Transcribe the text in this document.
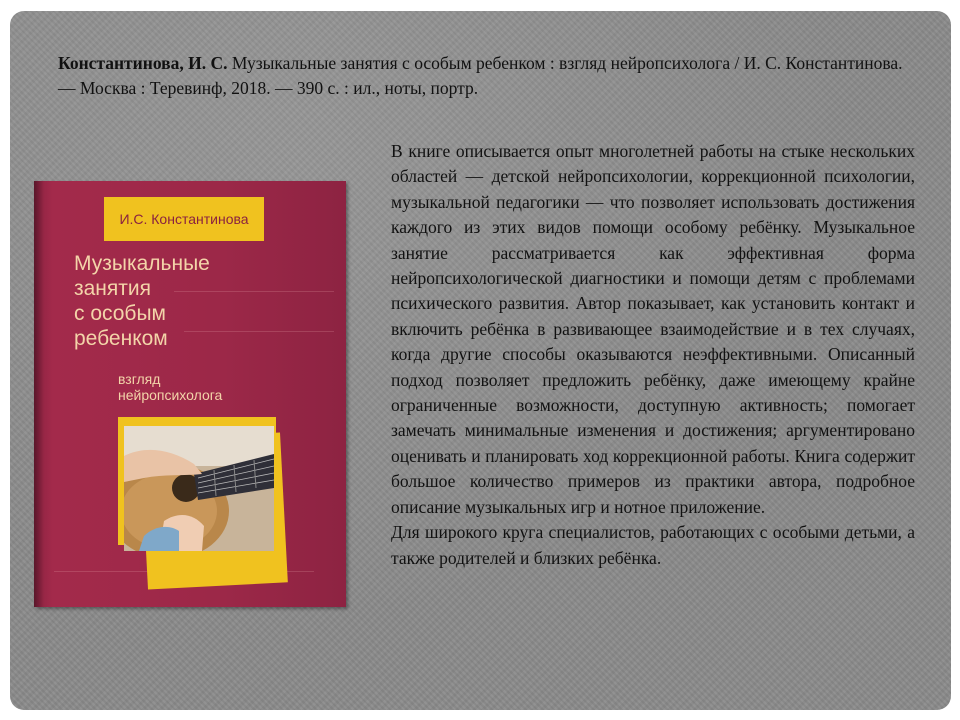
Константинова, И. С. Музыкальные занятия с особым ребенком : взгляд нейропсихолога / И. С. Константинова. — Москва : Теревинф, 2018. — 390 с. : ил., ноты, портр.
И.С. Константинова
Музыкальные
занятия
с особым
ребенком
взгляд
нейропсихолога

В книге описывается опыт многолетней работы на стыке нескольких областей — детской нейропсихологии, коррекционной психологии, музыкальной педагогики — что позволяет использовать достижения каждого из этих видов помощи особому ребёнку. Музыкальное занятие рассматривается как эффективная форма нейропсихологической диагностики и помощи детям с проблемами психического развития. Автор показывает, как установить контакт и включить ребёнка в развивающее взаимодействие и в тех случаях, когда другие способы оказываются неэффективными. Описанный подход позволяет предложить ребёнку, даже имеющему крайне ограниченные возможности, доступную активность; помогает замечать минимальные изменения и достижения; аргументировано оценивать и планировать ход коррекционной работы. Книга содержит большое количество примеров из практики автора, подробное описание музыкальных игр и нотное приложение.

Для широкого круга специалистов, работающих с особыми детьми, а также родителей и близких ребёнка.
